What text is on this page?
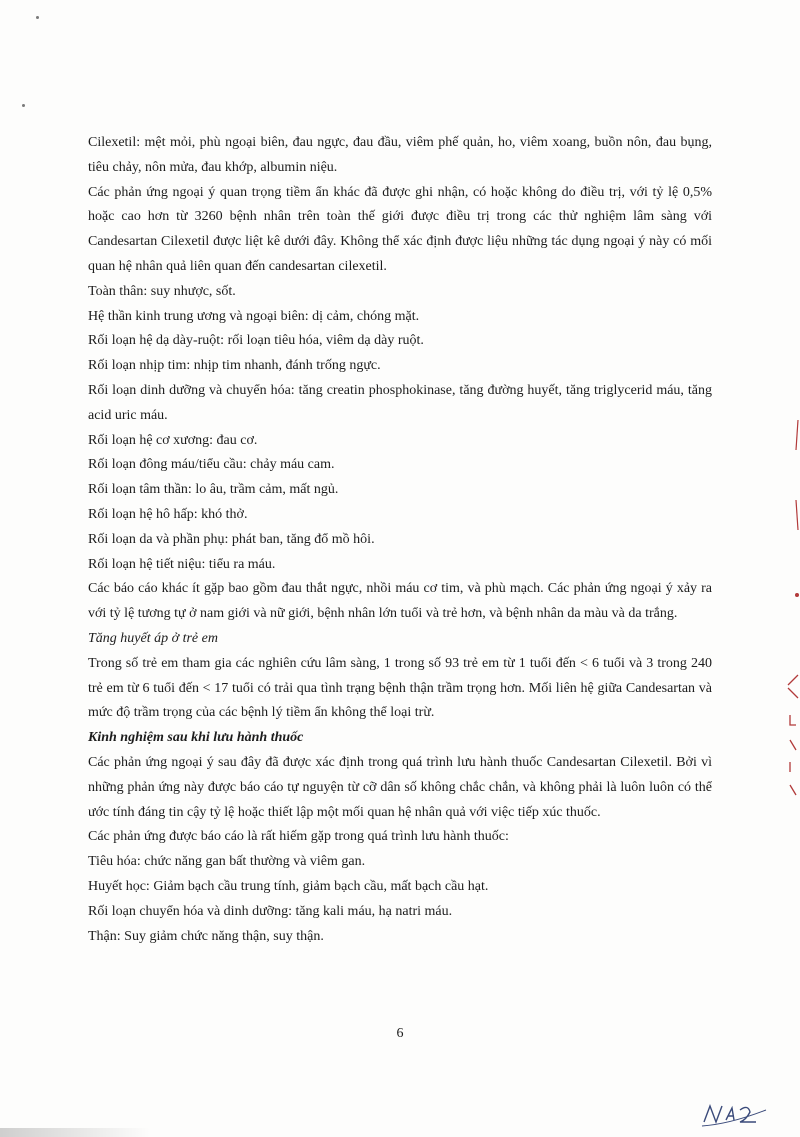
Cilexetil: mệt mỏi, phù ngoại biên, đau ngực, đau đầu, viêm phế quản, ho, viêm xoang, buồn nôn, đau bụng, tiêu chảy, nôn mửa, đau khớp, albumin niệu.

Các phản ứng ngoại ý quan trọng tiềm ẩn khác đã được ghi nhận, có hoặc không do điều trị, với tỷ lệ 0,5% hoặc cao hơn từ 3260 bệnh nhân trên toàn thế giới được điều trị trong các thử nghiệm lâm sàng với Candesartan Cilexetil được liệt kê dưới đây. Không thể xác định được liệu những tác dụng ngoại ý này có mối quan hệ nhân quả liên quan đến candesartan cilexetil.

Toàn thân: suy nhược, sốt.

Hệ thần kinh trung ương và ngoại biên: dị cảm, chóng mặt.

Rối loạn hệ dạ dày-ruột: rối loạn tiêu hóa, viêm dạ dày ruột.

Rối loạn nhịp tim: nhịp tim nhanh, đánh trống ngực.

Rối loạn dinh dưỡng và chuyển hóa: tăng creatin phosphokinase, tăng đường huyết, tăng triglycerid máu, tăng acid uric máu.

Rối loạn hệ cơ xương: đau cơ.

Rối loạn đông máu/tiểu cầu: chảy máu cam.

Rối loạn tâm thần: lo âu, trầm cảm, mất ngủ.

Rối loạn hệ hô hấp: khó thở.

Rối loạn da và phần phụ: phát ban, tăng đổ mồ hôi.

Rối loạn hệ tiết niệu: tiểu ra máu.

Các báo cáo khác ít gặp bao gồm đau thắt ngực, nhồi máu cơ tim, và phù mạch. Các phản ứng ngoại ý xảy ra với tỷ lệ tương tự ở nam giới và nữ giới, bệnh nhân lớn tuổi và trẻ hơn, và bệnh nhân da màu và da trắng.

Tăng huyết áp ở trẻ em

Trong số trẻ em tham gia các nghiên cứu lâm sàng, 1 trong số 93 trẻ em từ 1 tuổi đến < 6 tuổi và 3 trong 240 trẻ em từ 6 tuổi đến < 17 tuổi có trải qua tình trạng bệnh thận trầm trọng hơn. Mối liên hệ giữa Candesartan và mức độ trầm trọng của các bệnh lý tiềm ẩn không thể loại trừ.

Kinh nghiệm sau khi lưu hành thuốc

Các phản ứng ngoại ý sau đây đã được xác định trong quá trình lưu hành thuốc Candesartan Cilexetil. Bởi vì những phản ứng này được báo cáo tự nguyện từ cỡ dân số không chắc chắn, và không phải là luôn luôn có thể ước tính đáng tin cậy tỷ lệ hoặc thiết lập một mối quan hệ nhân quả với việc tiếp xúc thuốc.

Các phản ứng được báo cáo là rất hiếm gặp trong quá trình lưu hành thuốc:

Tiêu hóa: chức năng gan bất thường và viêm gan.

Huyết học: Giảm bạch cầu trung tính, giảm bạch cầu, mất bạch cầu hạt.

Rối loạn chuyển hóa và dinh dưỡng: tăng kali máu, hạ natri máu.

Thận: Suy giảm chức năng thận, suy thận.

6
